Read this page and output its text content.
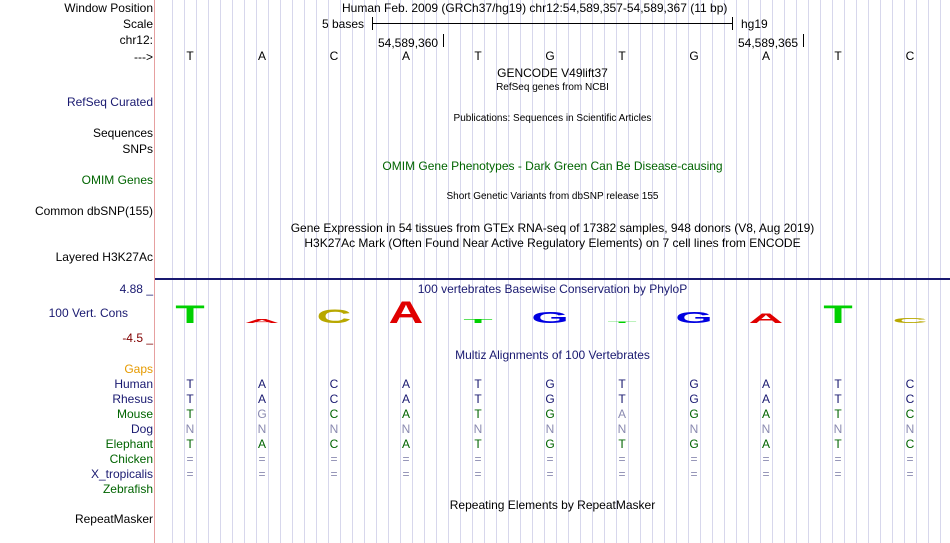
Window Position	Human Feb. 2009 (GRCh37/hg19) chr12:54,589,357-54,589,367 (11 bp)
Scale	5 bases	hg19
chr12:	54,589,360	54,589,365
--->	T	A	C	A	T	G	T	G	A	T	C
GENCODE V49lift37
RefSeq genes from NCBI
RefSeq Curated
Sequences
Publications: Sequences in Scientific Articles
SNPs
OMIM Gene Phenotypes - Dark Green Can Be Disease-causing
OMIM Genes
Short Genetic Variants from dbSNP release 155
Common dbSNP(155)
Gene Expression in 54 tissues from GTEx RNA-seq of 17382 samples, 948 donors (V8, Aug 2019)
H3K27Ac Mark (Often Found Near Active Regulatory Elements) on 7 cell lines from ENCODE
Layered H3K27Ac
100 vertebrates Basewise Conservation by PhyloP
4.88 _
100 Vert. Cons
-4.5 _
T A C A T G T G A T C
Multiz Alignments of 100 Vertebrates
Gaps
Human	T	A	C	A	T	G	T	G	A	T	C
Rhesus	T	A	C	A	T	G	T	G	A	T	C
Mouse	T	G	C	A	T	G	A	G	A	T	C
Dog	N	N	N	N	N	N	N	N	N	N	N
Elephant	T	A	C	A	T	G	T	G	A	T	C
Chicken	=	=	=	=	=	=	=	=	=	=	=
X_tropicalis	=	=	=	=	=	=	=	=	=	=	=
Zebrafish
Repeating Elements by RepeatMasker
RepeatMasker
